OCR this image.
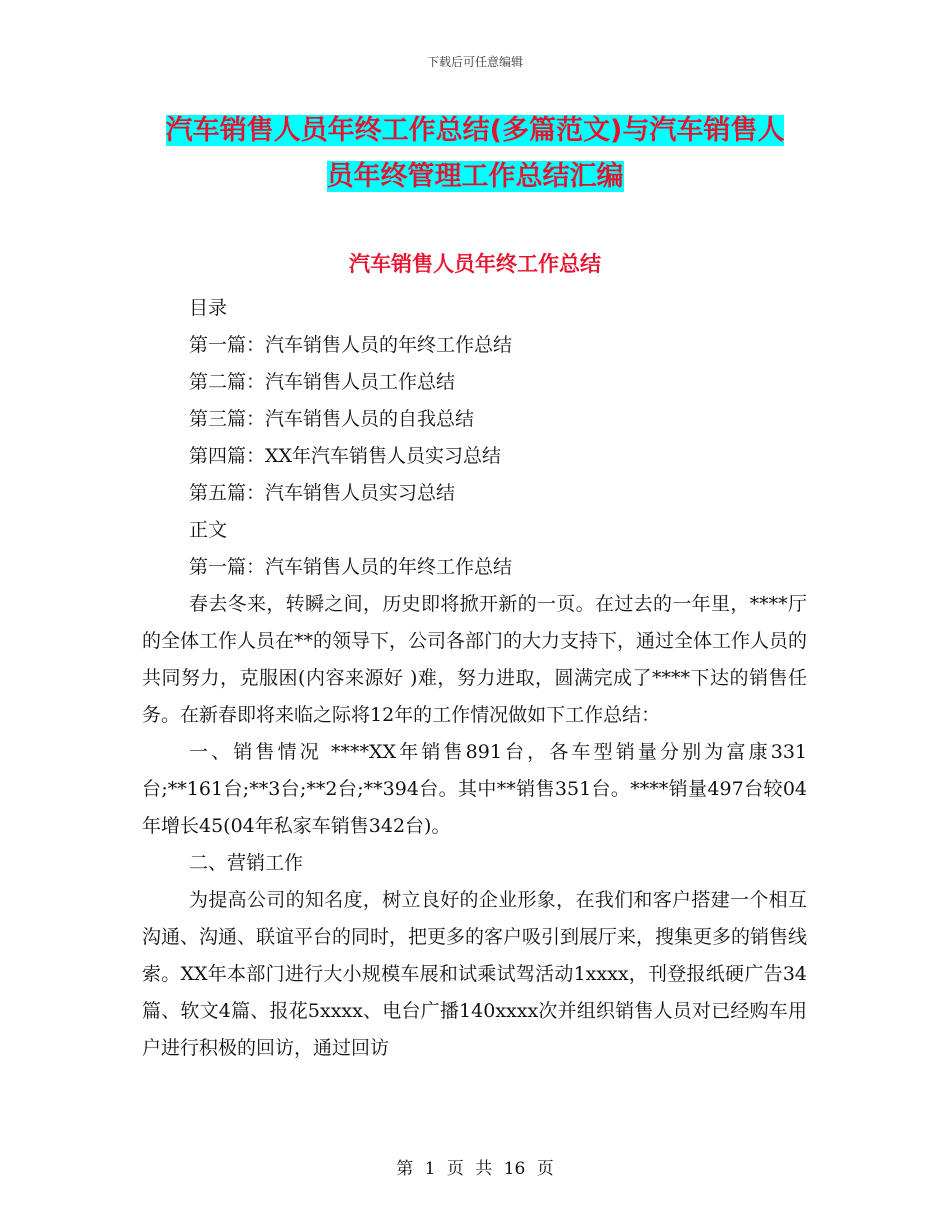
下载后可任意编辑
汽车销售人员年终工作总结(多篇范文)与汽车销售人
员年终管理工作总结汇编
汽车销售人员年终工作总结

目录

第一篇：汽车销售人员的年终工作总结

第二篇：汽车销售人员工作总结

第三篇：汽车销售人员的自我总结

第四篇：XX年汽车销售人员实习总结

第五篇：汽车销售人员实习总结

正文

第一篇：汽车销售人员的年终工作总结

春去冬来，转瞬之间，历史即将掀开新的一页。在过去的一年里，****厅的全体工作人员在**的领导下，公司各部门的大力支持下，通过全体工作人员的共同努力，克服困(内容来源好 )难，努力进取，圆满完成了****下达的销售任务。在新春即将来临之际将12年的工作情况做如下工作总结：

一、销售情况 ****XX年销售891台，各车型销量分别为富康331台;**161台;**3台;**2台;**394台。其中**销售351台。****销量497台较04年增长45(04年私家车销售342台)。

二、营销工作

为提高公司的知名度，树立良好的企业形象，在我们和客户搭建一个相互沟通、沟通、联谊平台的同时，把更多的客户吸引到展厅来，搜集更多的销售线索。XX年本部门进行大小规模车展和试乘试驾活动1xxxx，刊登报纸硬广告34篇、软文4篇、报花5xxxx、电台广播140xxxx次并组织销售人员对已经购车用户进行积极的回访，通过回访

第 1 页 共 16 页
